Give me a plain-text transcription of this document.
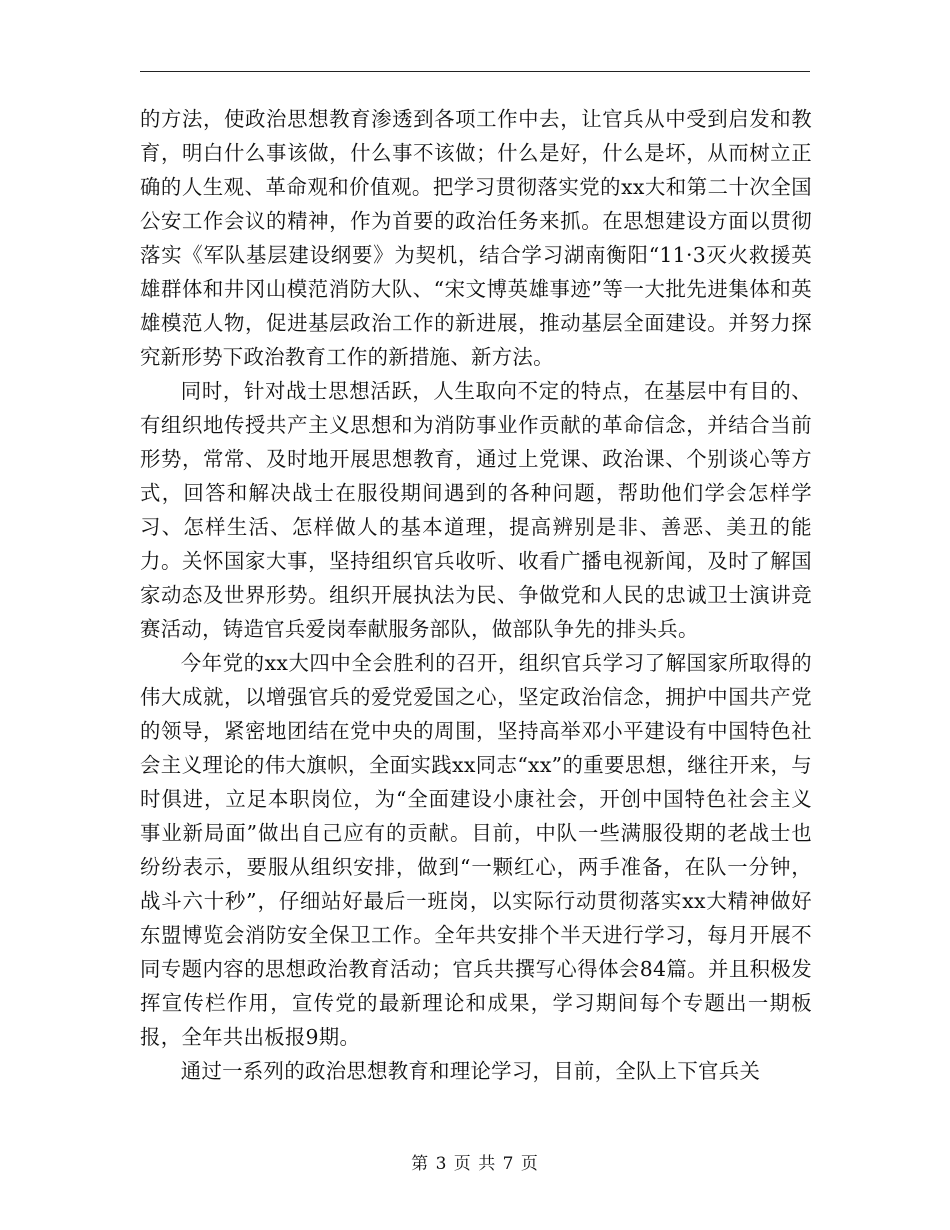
的方法，使政治思想教育渗透到各项工作中去，让官兵从中受到启发和教育，明白什么事该做，什么事不该做；什么是好，什么是坏，从而树立正确的人生观、革命观和价值观。把学习贯彻落实党的xx大和第二十次全国公安工作会议的精神，作为首要的政治任务来抓。在思想建设方面以贯彻落实《军队基层建设纲要》为契机，结合学习湖南衡阳“11·3灭火救援英雄群体和井冈山模范消防大队、“宋文博英雄事迹”等一大批先进集体和英雄模范人物，促进基层政治工作的新进展，推动基层全面建设。并努力探究新形势下政治教育工作的新措施、新方法。

同时，针对战士思想活跃，人生取向不定的特点，在基层中有目的、有组织地传授共产主义思想和为消防事业作贡献的革命信念，并结合当前形势，常常、及时地开展思想教育，通过上党课、政治课、个别谈心等方式，回答和解决战士在服役期间遇到的各种问题，帮助他们学会怎样学习、怎样生活、怎样做人的基本道理，提高辨别是非、善恶、美丑的能力。关怀国家大事，坚持组织官兵收听、收看广播电视新闻，及时了解国家动态及世界形势。组织开展执法为民、争做党和人民的忠诚卫士演讲竞赛活动，铸造官兵爱岗奉献服务部队，做部队争先的排头兵。

今年党的xx大四中全会胜利的召开，组织官兵学习了解国家所取得的伟大成就，以增强官兵的爱党爱国之心，坚定政治信念，拥护中国共产党的领导，紧密地团结在党中央的周围，坚持高举邓小平建设有中国特色社会主义理论的伟大旗帜，全面实践xx同志“xx”的重要思想，继往开来，与时俱进，立足本职岗位，为“全面建设小康社会，开创中国特色社会主义事业新局面”做出自己应有的贡献。目前，中队一些满服役期的老战士也纷纷表示，要服从组织安排，做到“一颗红心，两手准备，在队一分钟，战斗六十秒”，仔细站好最后一班岗，以实际行动贯彻落实xx大精神做好东盟博览会消防安全保卫工作。全年共安排个半天进行学习，每月开展不同专题内容的思想政治教育活动；官兵共撰写心得体会84篇。并且积极发挥宣传栏作用，宣传党的最新理论和成果，学习期间每个专题出一期板报，全年共出板报9期。

通过一系列的政治思想教育和理论学习，目前，全队上下官兵关

第 3 页 共 7 页
